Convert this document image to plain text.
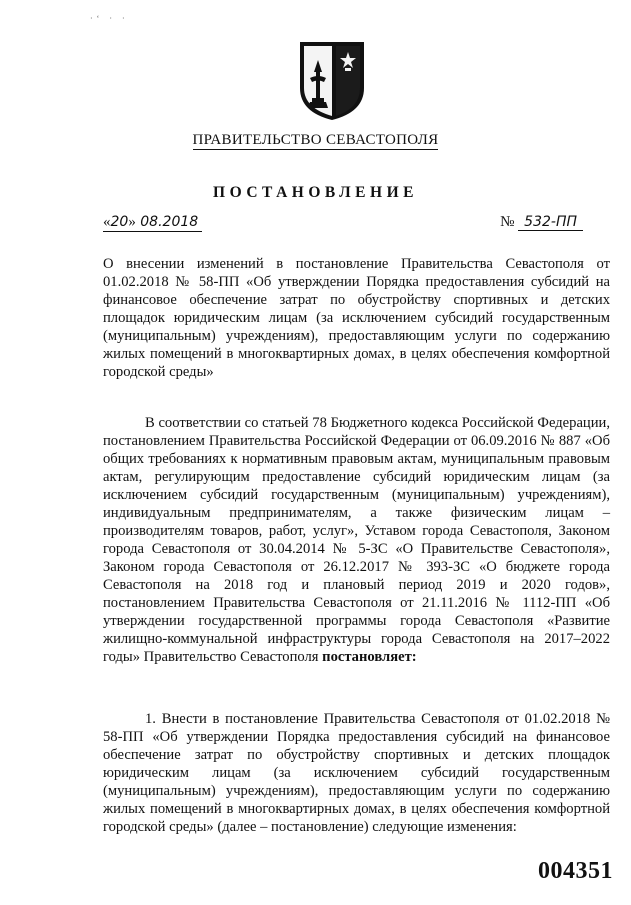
·‘ · ·
ПРАВИТЕЛЬСТВО СЕВАСТОПОЛЯ
ПОСТАНОВЛЕНИЕ
«20» 08.2018	№ 532-ПП

О внесении изменений в постановление Правительства Севастополя от 01.02.2018 № 58-ПП «Об утверждении Порядка предоставления субсидий на финансовое обеспечение затрат по обустройству спортивных и детских площадок юридическим лицам (за исключением субсидий государственным (муниципальным) учреждениям), предоставляющим услуги по содержанию жилых помещений в многоквартирных домах, в целях обеспечения комфортной городской среды»

В соответствии со статьей 78 Бюджетного кодекса Российской Федерации, постановлением Правительства Российской Федерации от 06.09.2016 № 887 «Об общих требованиях к нормативным правовым актам, муниципальным правовым актам, регулирующим предоставление субсидий юридическим лицам (за исключением субсидий государственным (муниципальным) учреждениям), индивидуальным предпринимателям, а также физическим лицам – производителям товаров, работ, услуг», Уставом города Севастополя, Законом города Севастополя от 30.04.2014 № 5-ЗС «О Правительстве Севастополя», Законом города Севастополя от 26.12.2017 № 393-ЗС «О бюджете города Севастополя на 2018 год и плановый период 2019 и 2020 годов», постановлением Правительства Севастополя от 21.11.2016 № 1112-ПП «Об утверждении государственной программы города Севастополя «Развитие жилищно-коммунальной инфраструктуры города Севастополя на 2017–2022 годы» Правительство Севастополя постановляет:

1. Внести в постановление Правительства Севастополя от 01.02.2018 № 58-ПП «Об утверждении Порядка предоставления субсидий на финансовое обеспечение затрат по обустройству спортивных и детских площадок юридическим лицам (за исключением субсидий государственным (муниципальным) учреждениям), предоставляющим услуги по содержанию жилых помещений в многоквартирных домах, в целях обеспечения комфортной городской среды» (далее – постановление) следующие изменения:

004351
